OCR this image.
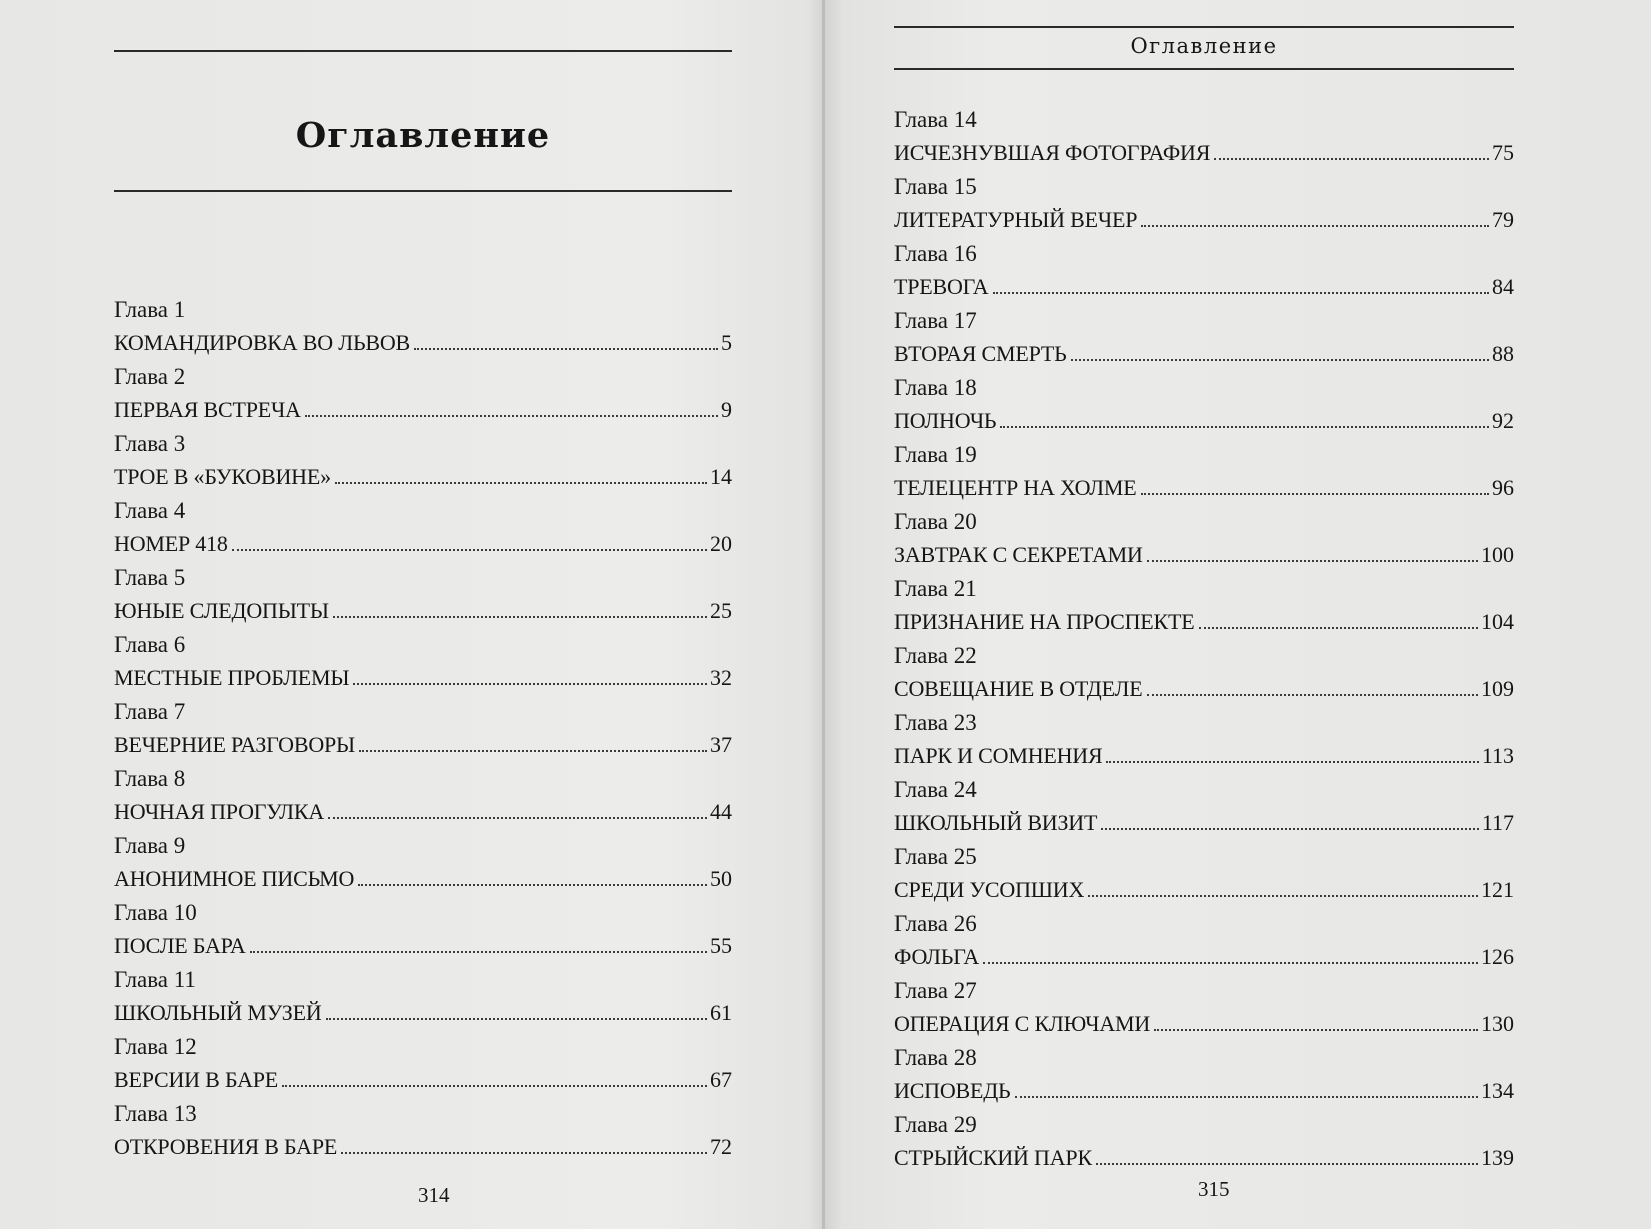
Оглавление
Глава 1
КОМАНДИРОВКА ВО ЛЬВОВ	5
Глава 2
ПЕРВАЯ ВСТРЕЧА	9
Глава 3
ТРОЕ В «БУКОВИНЕ»	14
Глава 4
НОМЕР 418	20
Глава 5
ЮНЫЕ СЛЕДОПЫТЫ	25
Глава 6
МЕСТНЫЕ ПРОБЛЕМЫ	32
Глава 7
ВЕЧЕРНИЕ РАЗГОВОРЫ	37
Глава 8
НОЧНАЯ ПРОГУЛКА	44
Глава 9
АНОНИМНОЕ ПИСЬМО	50
Глава 10
ПОСЛЕ БАРА	55
Глава 11
ШКОЛЬНЫЙ МУЗЕЙ	61
Глава 12
ВЕРСИИ В БАРЕ	67
Глава 13
ОТКРОВЕНИЯ В БАРЕ	72
314
Оглавление
Глава 14
ИСЧЕЗНУВШАЯ ФОТОГРАФИЯ	75
Глава 15
ЛИТЕРАТУРНЫЙ ВЕЧЕР	79
Глава 16
ТРЕВОГА	84
Глава 17
ВТОРАЯ СМЕРТЬ	88
Глава 18
ПОЛНОЧЬ	92
Глава 19
ТЕЛЕЦЕНТР НА ХОЛМЕ	96
Глава 20
ЗАВТРАК С СЕКРЕТАМИ	100
Глава 21
ПРИЗНАНИЕ НА ПРОСПЕКТЕ	104
Глава 22
СОВЕЩАНИЕ В ОТДЕЛЕ	109
Глава 23
ПАРК И СОМНЕНИЯ	113
Глава 24
ШКОЛЬНЫЙ ВИЗИТ	117
Глава 25
СРЕДИ УСОПШИХ	121
Глава 26
ФОЛЬГА	126
Глава 27
ОПЕРАЦИЯ С КЛЮЧАМИ	130
Глава 28
ИСПОВЕДЬ	134
Глава 29
СТРЫЙСКИЙ ПАРК	139
315
